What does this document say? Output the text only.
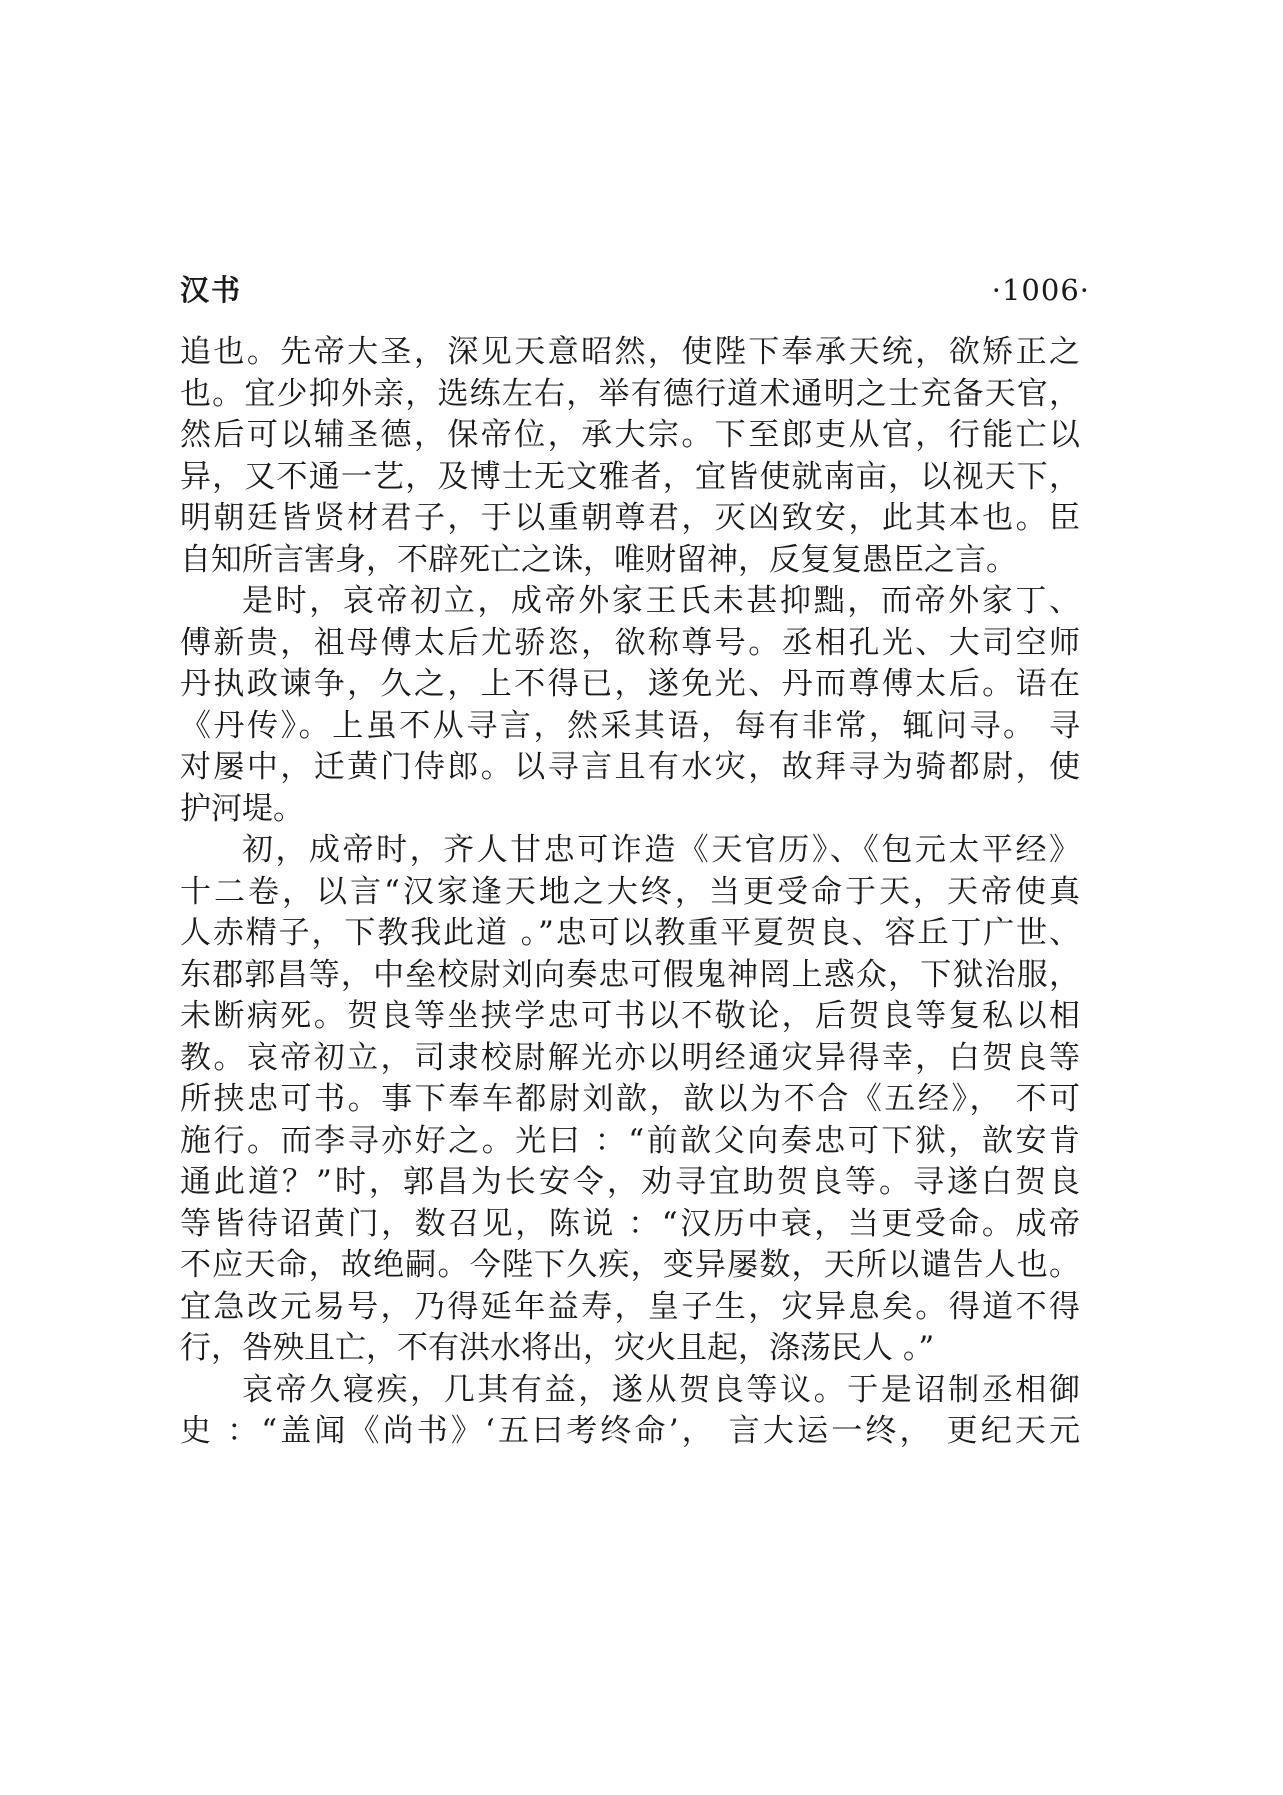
汉书	·1006·
追也。先帝大圣，深见天意昭然，使陛下奉承天统，欲矫正之
也。宜少抑外亲，选练左右，举有德行道术通明之士充备天官，
然后可以辅圣德，保帝位，承大宗。下至郎吏从官，行能亡以
异，又不通一艺，及博士无文雅者，宜皆使就南亩，以视天下，
明朝廷皆贤材君子，于以重朝尊君，灭凶致安，此其本也。臣
自知所言害身，不辟死亡之诛，唯财留神，反复复愚臣之言。
是时，哀帝初立，成帝外家王氏未甚抑黜，而帝外家丁、
傅新贵，祖母傅太后尤骄恣，欲称尊号。丞相孔光、大司空师
丹执政谏争，久之，上不得已，遂免光、丹而尊傅太后。语在
《丹传》。上虽不从寻言，然采其语，每有非常，辄问寻。 寻
对屡中，迁黄门侍郎。以寻言且有水灾，故拜寻为骑都尉，使
护河堤。
初，成帝时，齐人甘忠可诈造《天官历》、《包元太平经》
十二卷，以言“汉家逢天地之大终，当更受命于天，天帝使真
人赤精子，下教我此道 。”忠可以教重平夏贺良、容丘丁广世、
东郡郭昌等，中垒校尉刘向奏忠可假鬼神罔上惑众，下狱治服，
未断病死。贺良等坐挟学忠可书以不敬论，后贺良等复私以相
教。哀帝初立，司隶校尉解光亦以明经通灾异得幸，白贺良等
所挟忠可书。事下奉车都尉刘歆，歆以为不合《五经》， 不可
施行。而李寻亦好之。光曰 ：“前歆父向奏忠可下狱，歆安肯
通此道？”时，郭昌为长安令，劝寻宜助贺良等。寻遂白贺良
等皆待诏黄门，数召见，陈说 ：“汉历中衰，当更受命。成帝
不应天命，故绝嗣。今陛下久疾，变异屡数，天所以谴告人也。
宜急改元易号，乃得延年益寿，皇子生，灾异息矣。得道不得
行，咎殃且亡，不有洪水将出，灾火且起，涤荡民人 。”
哀帝久寝疾，几其有益，遂从贺良等议。于是诏制丞相御
史 ：“盖闻《尚书》‘五曰考终命’， 言大运一终， 更纪天元
